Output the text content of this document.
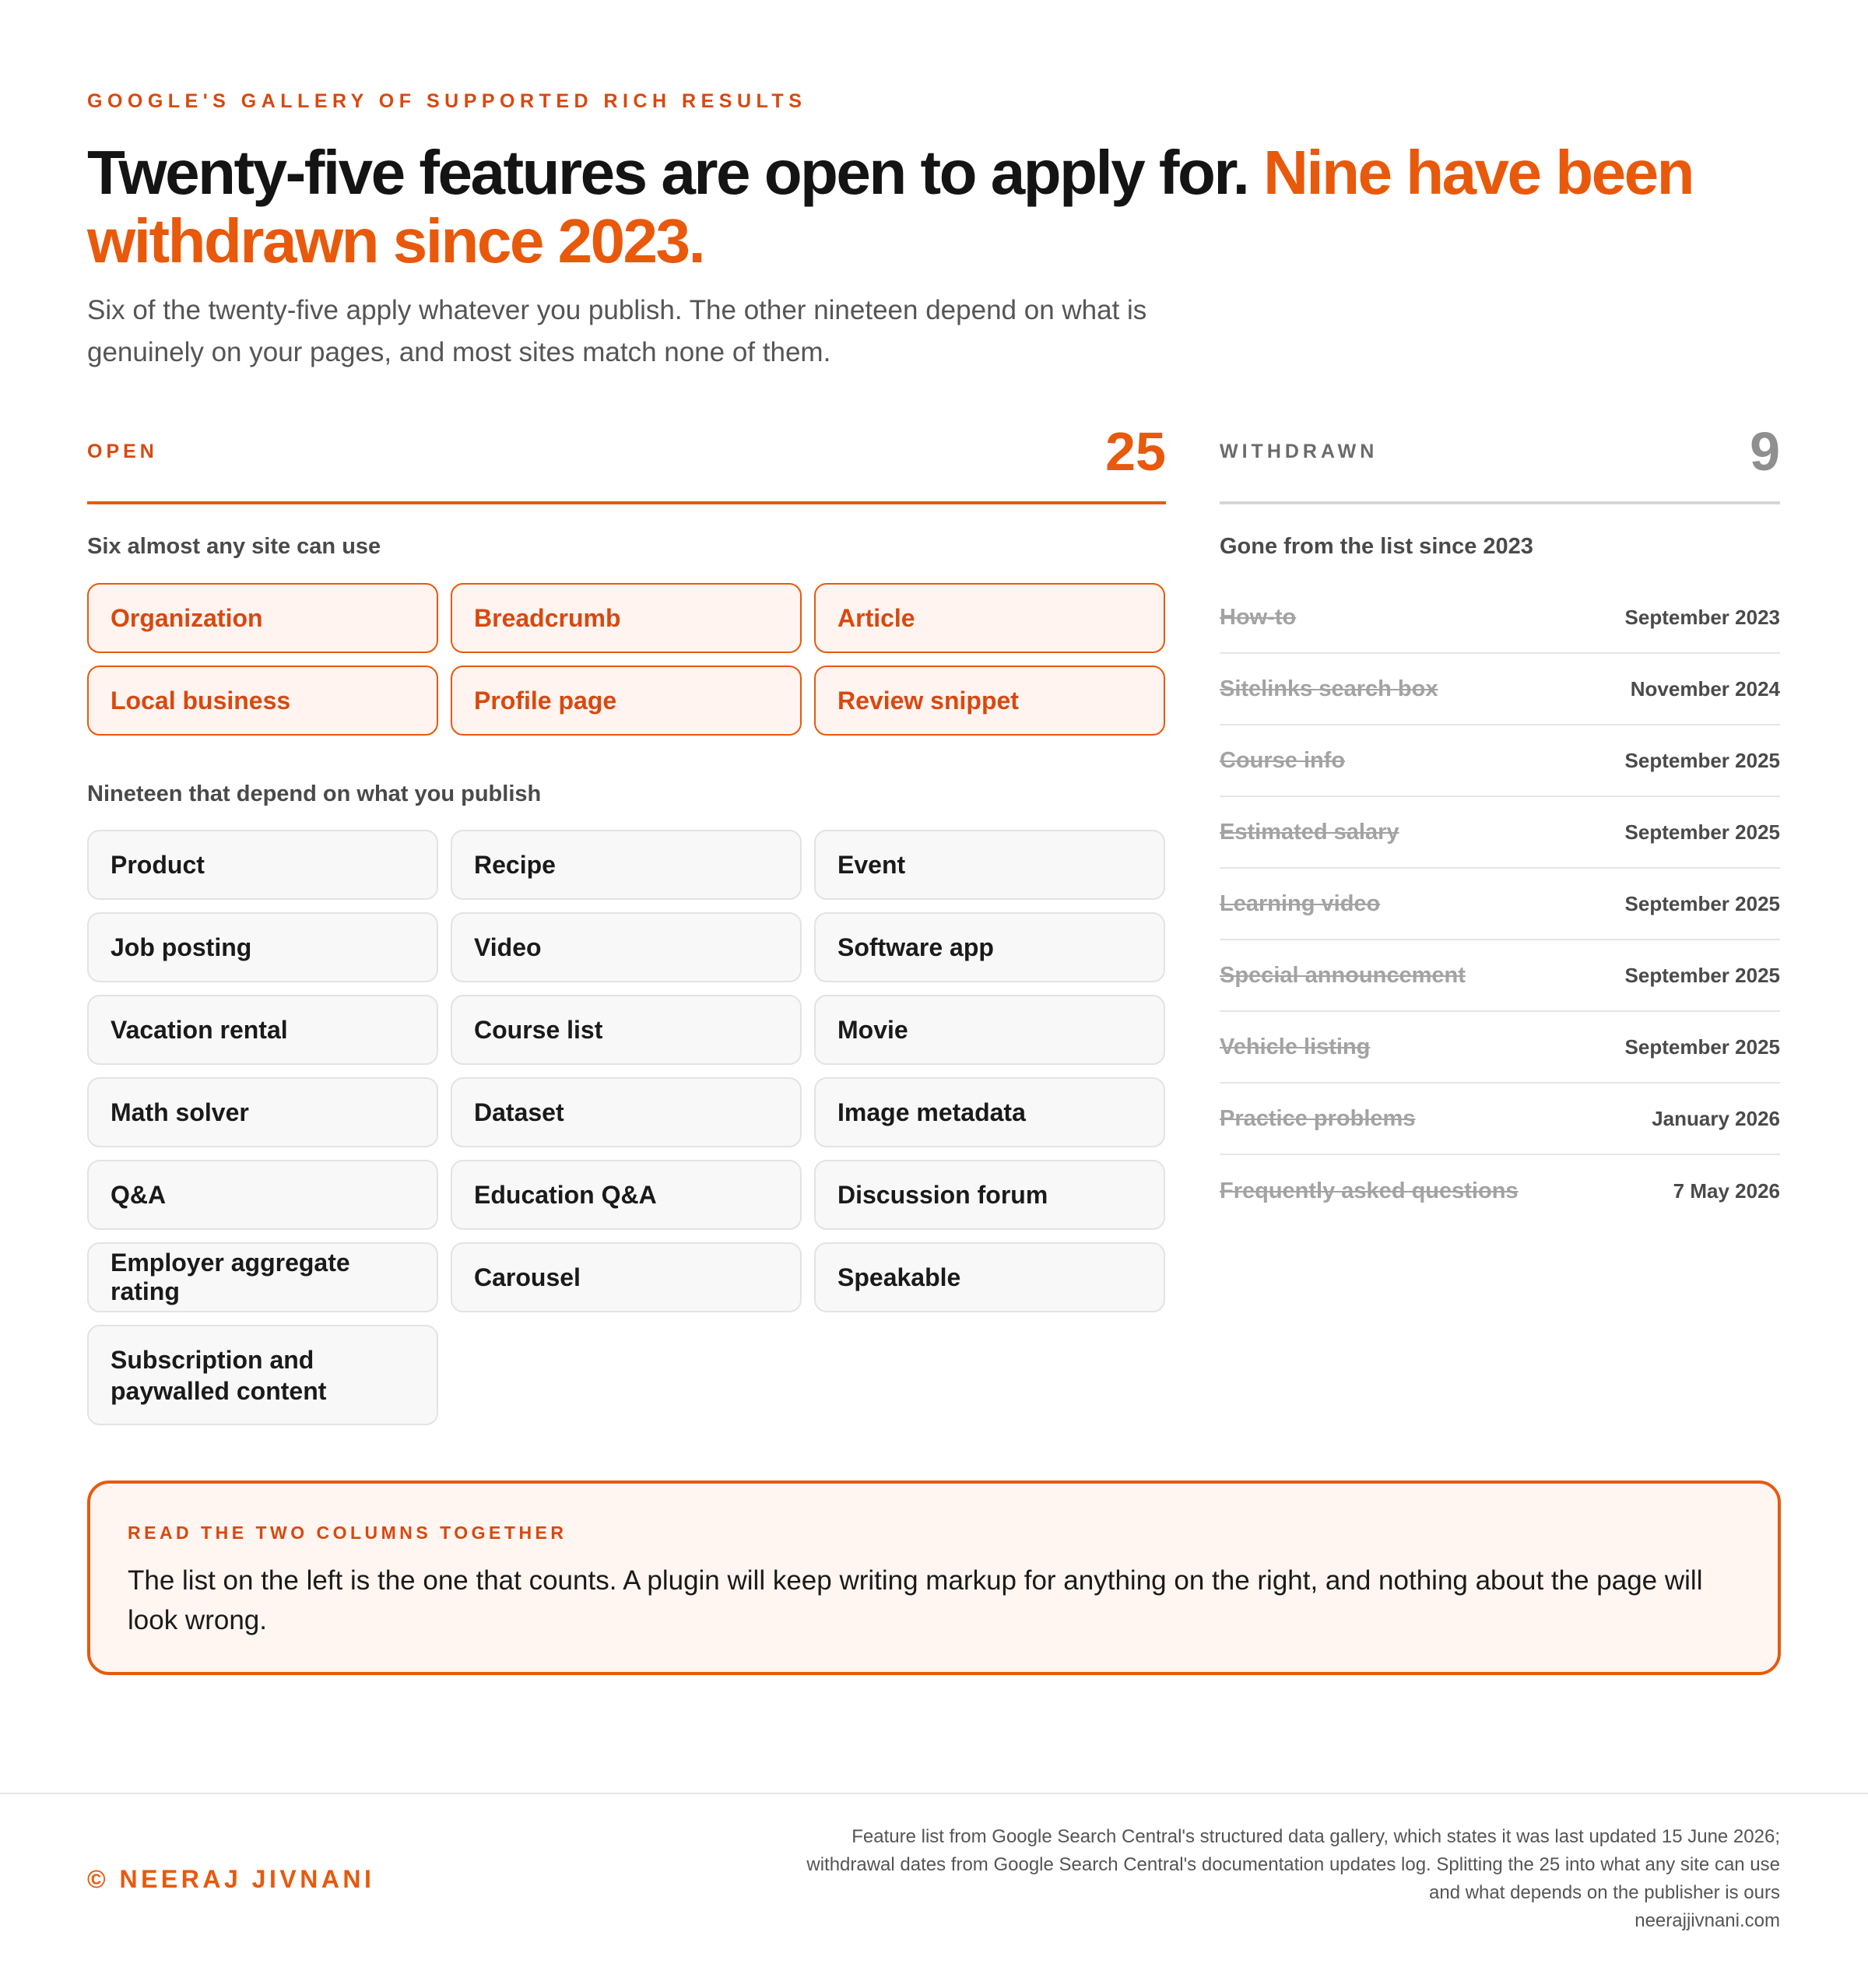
GOOGLE'S GALLERY OF SUPPORTED RICH RESULTS
Twenty-five features are open to apply for. Nine have been withdrawn since 2023.

Six of the twenty-five apply whatever you publish. The other nineteen depend on what is genuinely on your pages, and most sites match none of them.

OPEN	25
Six almost any site can use
Organization	Breadcrumb	Article
Local business	Profile page	Review snippet
Nineteen that depend on what you publish
Product	Recipe	Event
Job posting	Video	Software app
Vacation rental	Course list	Movie
Math solver	Dataset	Image metadata
Q&A	Education Q&A	Discussion forum
Employer aggregate rating
Carousel	Speakable
Subscription and paywalled content
WITHDRAWN	9
Gone from the list since 2023
How-to	September 2023
Sitelinks search box	November 2024
Course info	September 2025
Estimated salary	September 2025
Learning video	September 2025
Special announcement	September 2025
Vehicle listing	September 2025
Practice problems	January 2026
Frequently asked questions	7 May 2026
READ THE TWO COLUMNS TOGETHER
The list on the left is the one that counts. A plugin will keep writing markup for anything on the right, and nothing about the page will look wrong.
© NEERAJ JIVNANI
Feature list from Google Search Central's structured data gallery, which states it was last updated 15 June 2026;
withdrawal dates from Google Search Central's documentation updates log. Splitting the 25 into what any site can use
and what depends on the publisher is ours
neerajjivnani.com
